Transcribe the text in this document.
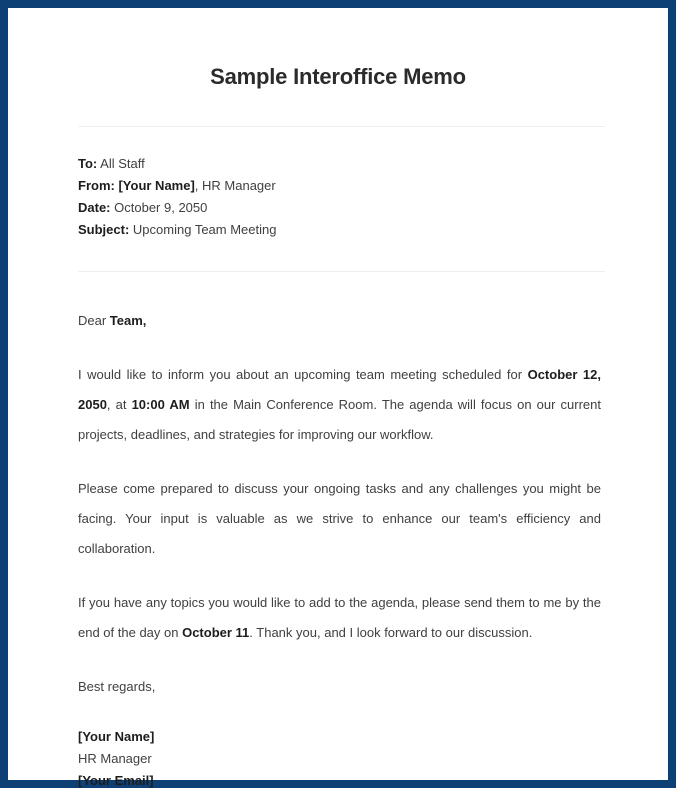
Sample Interoffice Memo
To: All Staff
From: [Your Name], HR Manager
Date: October 9, 2050
Subject: Upcoming Team Meeting
Dear Team,

I would like to inform you about an upcoming team meeting scheduled for October 12, 2050, at 10:00 AM in the Main Conference Room. The agenda will focus on our current projects, deadlines, and strategies for improving our workflow.

Please come prepared to discuss your ongoing tasks and any challenges you might be facing. Your input is valuable as we strive to enhance our team's efficiency and collaboration.

If you have any topics you would like to add to the agenda, please send them to me by the end of the day on October 11. Thank you, and I look forward to our discussion.

Best regards,
[Your Name]
HR Manager
[Your Email]
